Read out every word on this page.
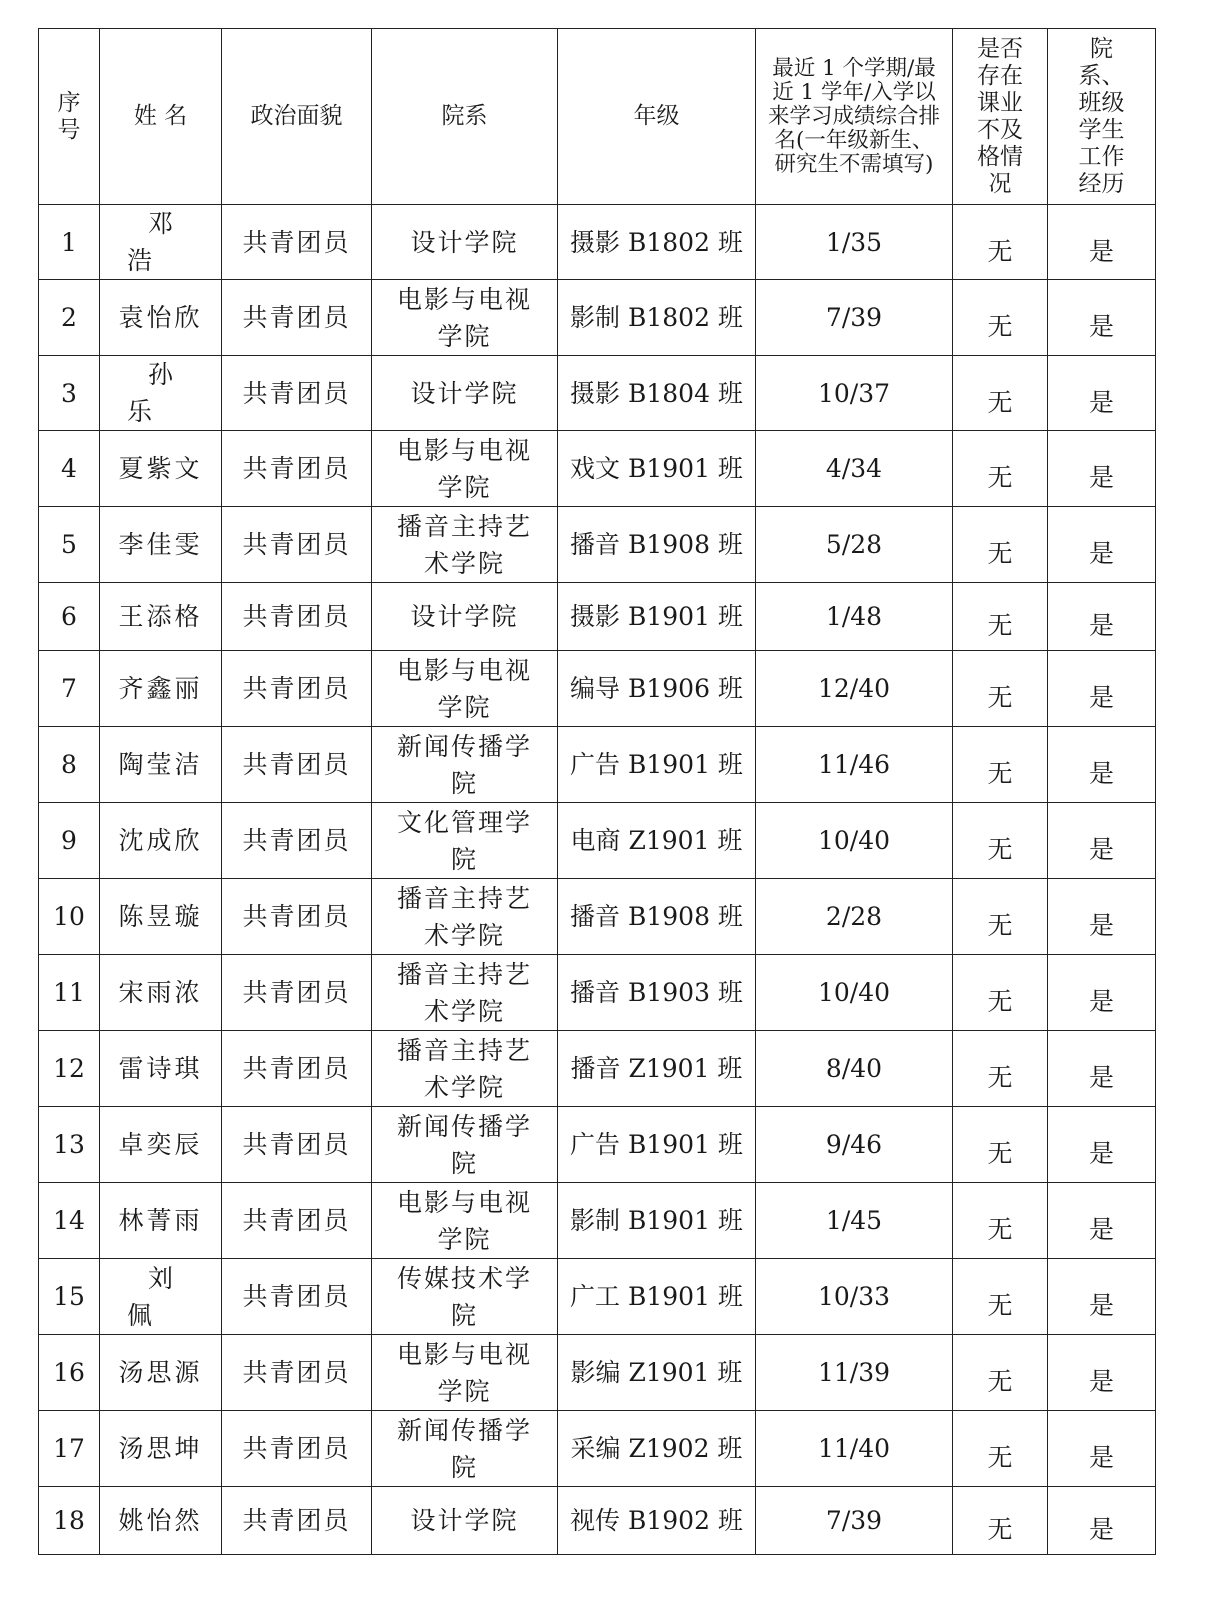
序号	姓 名	政治面貌	院系	年级	最近 1 个学期/最近 1 学年/入学以来学习成绩综合排名(一年级新生、研究生不需填写)	是否存在课业不及格情况	院系、班级学生工作经历
1	邓浩	共青团员	设计学院	摄影 B1802 班	1/35	无	是
2	袁怡欣	共青团员	电影与电视学院	影制 B1802 班	7/39	无	是
3	孙乐	共青团员	设计学院	摄影 B1804 班	10/37	无	是
4	夏紫文	共青团员	电影与电视学院	戏文 B1901 班	4/34	无	是
5	李佳雯	共青团员	播音主持艺术学院	播音 B1908 班	5/28	无	是
6	王添格	共青团员	设计学院	摄影 B1901 班	1/48	无	是
7	齐鑫丽	共青团员	电影与电视学院	编导 B1906 班	12/40	无	是
8	陶莹洁	共青团员	新闻传播学院	广告 B1901 班	11/46	无	是
9	沈成欣	共青团员	文化管理学院	电商 Z1901 班	10/40	无	是
10	陈昱璇	共青团员	播音主持艺术学院	播音 B1908 班	2/28	无	是
11	宋雨浓	共青团员	播音主持艺术学院	播音 B1903 班	10/40	无	是
12	雷诗琪	共青团员	播音主持艺术学院	播音 Z1901 班	8/40	无	是
13	卓奕辰	共青团员	新闻传播学院	广告 B1901 班	9/46	无	是
14	林菁雨	共青团员	电影与电视学院	影制 B1901 班	1/45	无	是
15	刘佩	共青团员	传媒技术学院	广工 B1901 班	10/33	无	是
16	汤思源	共青团员	电影与电视学院	影编 Z1901 班	11/39	无	是
17	汤思坤	共青团员	新闻传播学院	采编 Z1902 班	11/40	无	是
18	姚怡然	共青团员	设计学院	视传 B1902 班	7/39	无	是
